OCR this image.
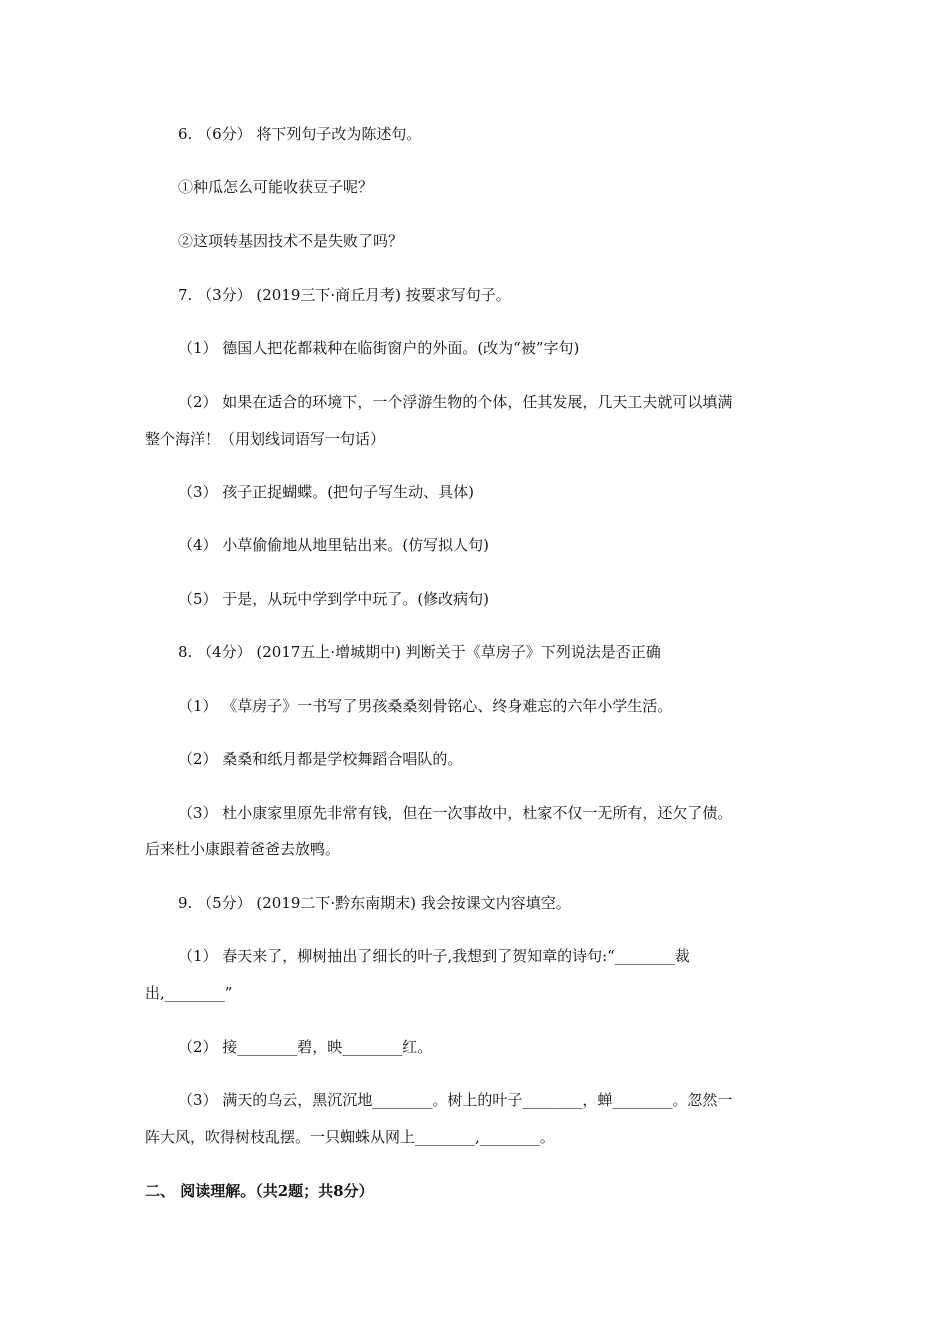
6. （6分） 将下列句子改为陈述句。
①种瓜怎么可能收获豆子呢？
②这项转基因技术不是失败了吗？
7. （3分） (2019三下·商丘月考) 按要求写句子。
（1） 德国人把花都栽种在临街窗户的外面。(改为“被”字句)
（2） 如果在适合的环境下，一个浮游生物的个体，任其发展，几天工夫就可以填满
整个海洋！（用划线词语写一句话）
（3） 孩子正捉蝴蝶。(把句子写生动、具体)
（4） 小草偷偷地从地里钻出来。(仿写拟人句)
（5） 于是，从玩中学到学中玩了。(修改病句)
8. （4分） (2017五上·增城期中) 判断关于《草房子》下列说法是否正确
（1） 《草房子》一书写了男孩桑桑刻骨铭心、终身难忘的六年小学生活。
（2） 桑桑和纸月都是学校舞蹈合唱队的。
（3） 杜小康家里原先非常有钱，但在一次事故中，杜家不仅一无所有，还欠了债。
后来杜小康跟着爸爸去放鸭。
9. （5分） (2019二下·黔东南期末) 我会按课文内容填空。
（1） 春天来了，柳树抽出了细长的叶子,我想到了贺知章的诗句:“________裁
出,________”
（2） 接________碧，映________红。
（3） 满天的乌云，黑沉沉地________。树上的叶子________，蝉________。忽然一
阵大风，吹得树枝乱摆。一只蜘蛛从网上________,________。
二、 阅读理解。（共2题；共8分）
